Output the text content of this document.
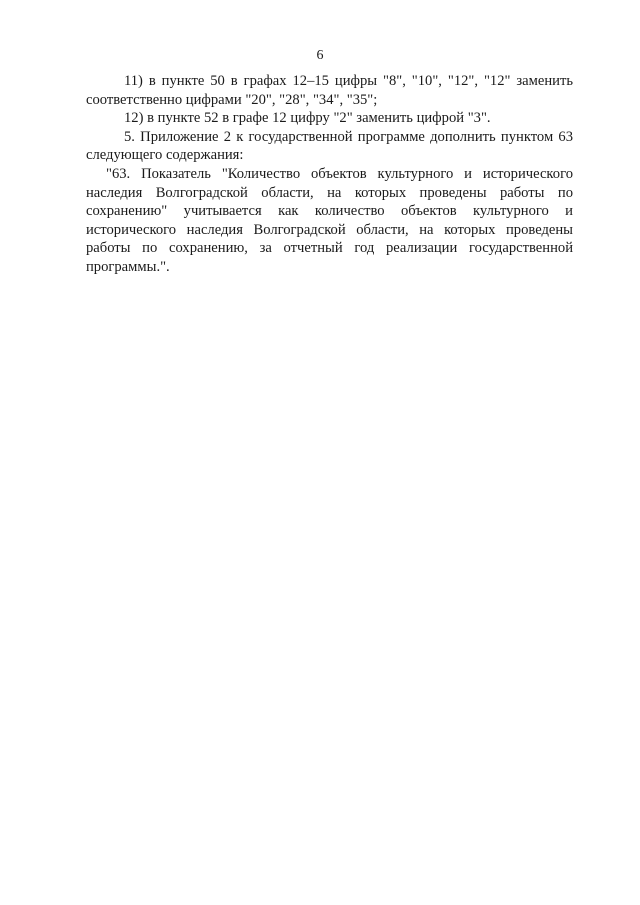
6

11) в пункте 50 в графах 12–15 цифры "8", "10", "12", "12" заменить соответственно цифрами "20", "28", "34", "35";

12) в пункте 52 в графе 12 цифру "2" заменить цифрой "3".

5. Приложение 2 к государственной программе дополнить пунктом 63 следующего содержания:

"63. Показатель "Количество объектов культурного и исторического наследия Волгоградской области, на которых проведены работы по сохранению" учитывается как количество объектов культурного и исторического наследия Волгоградской области, на которых проведены работы по сохранению, за отчетный год реализации государственной программы.".
